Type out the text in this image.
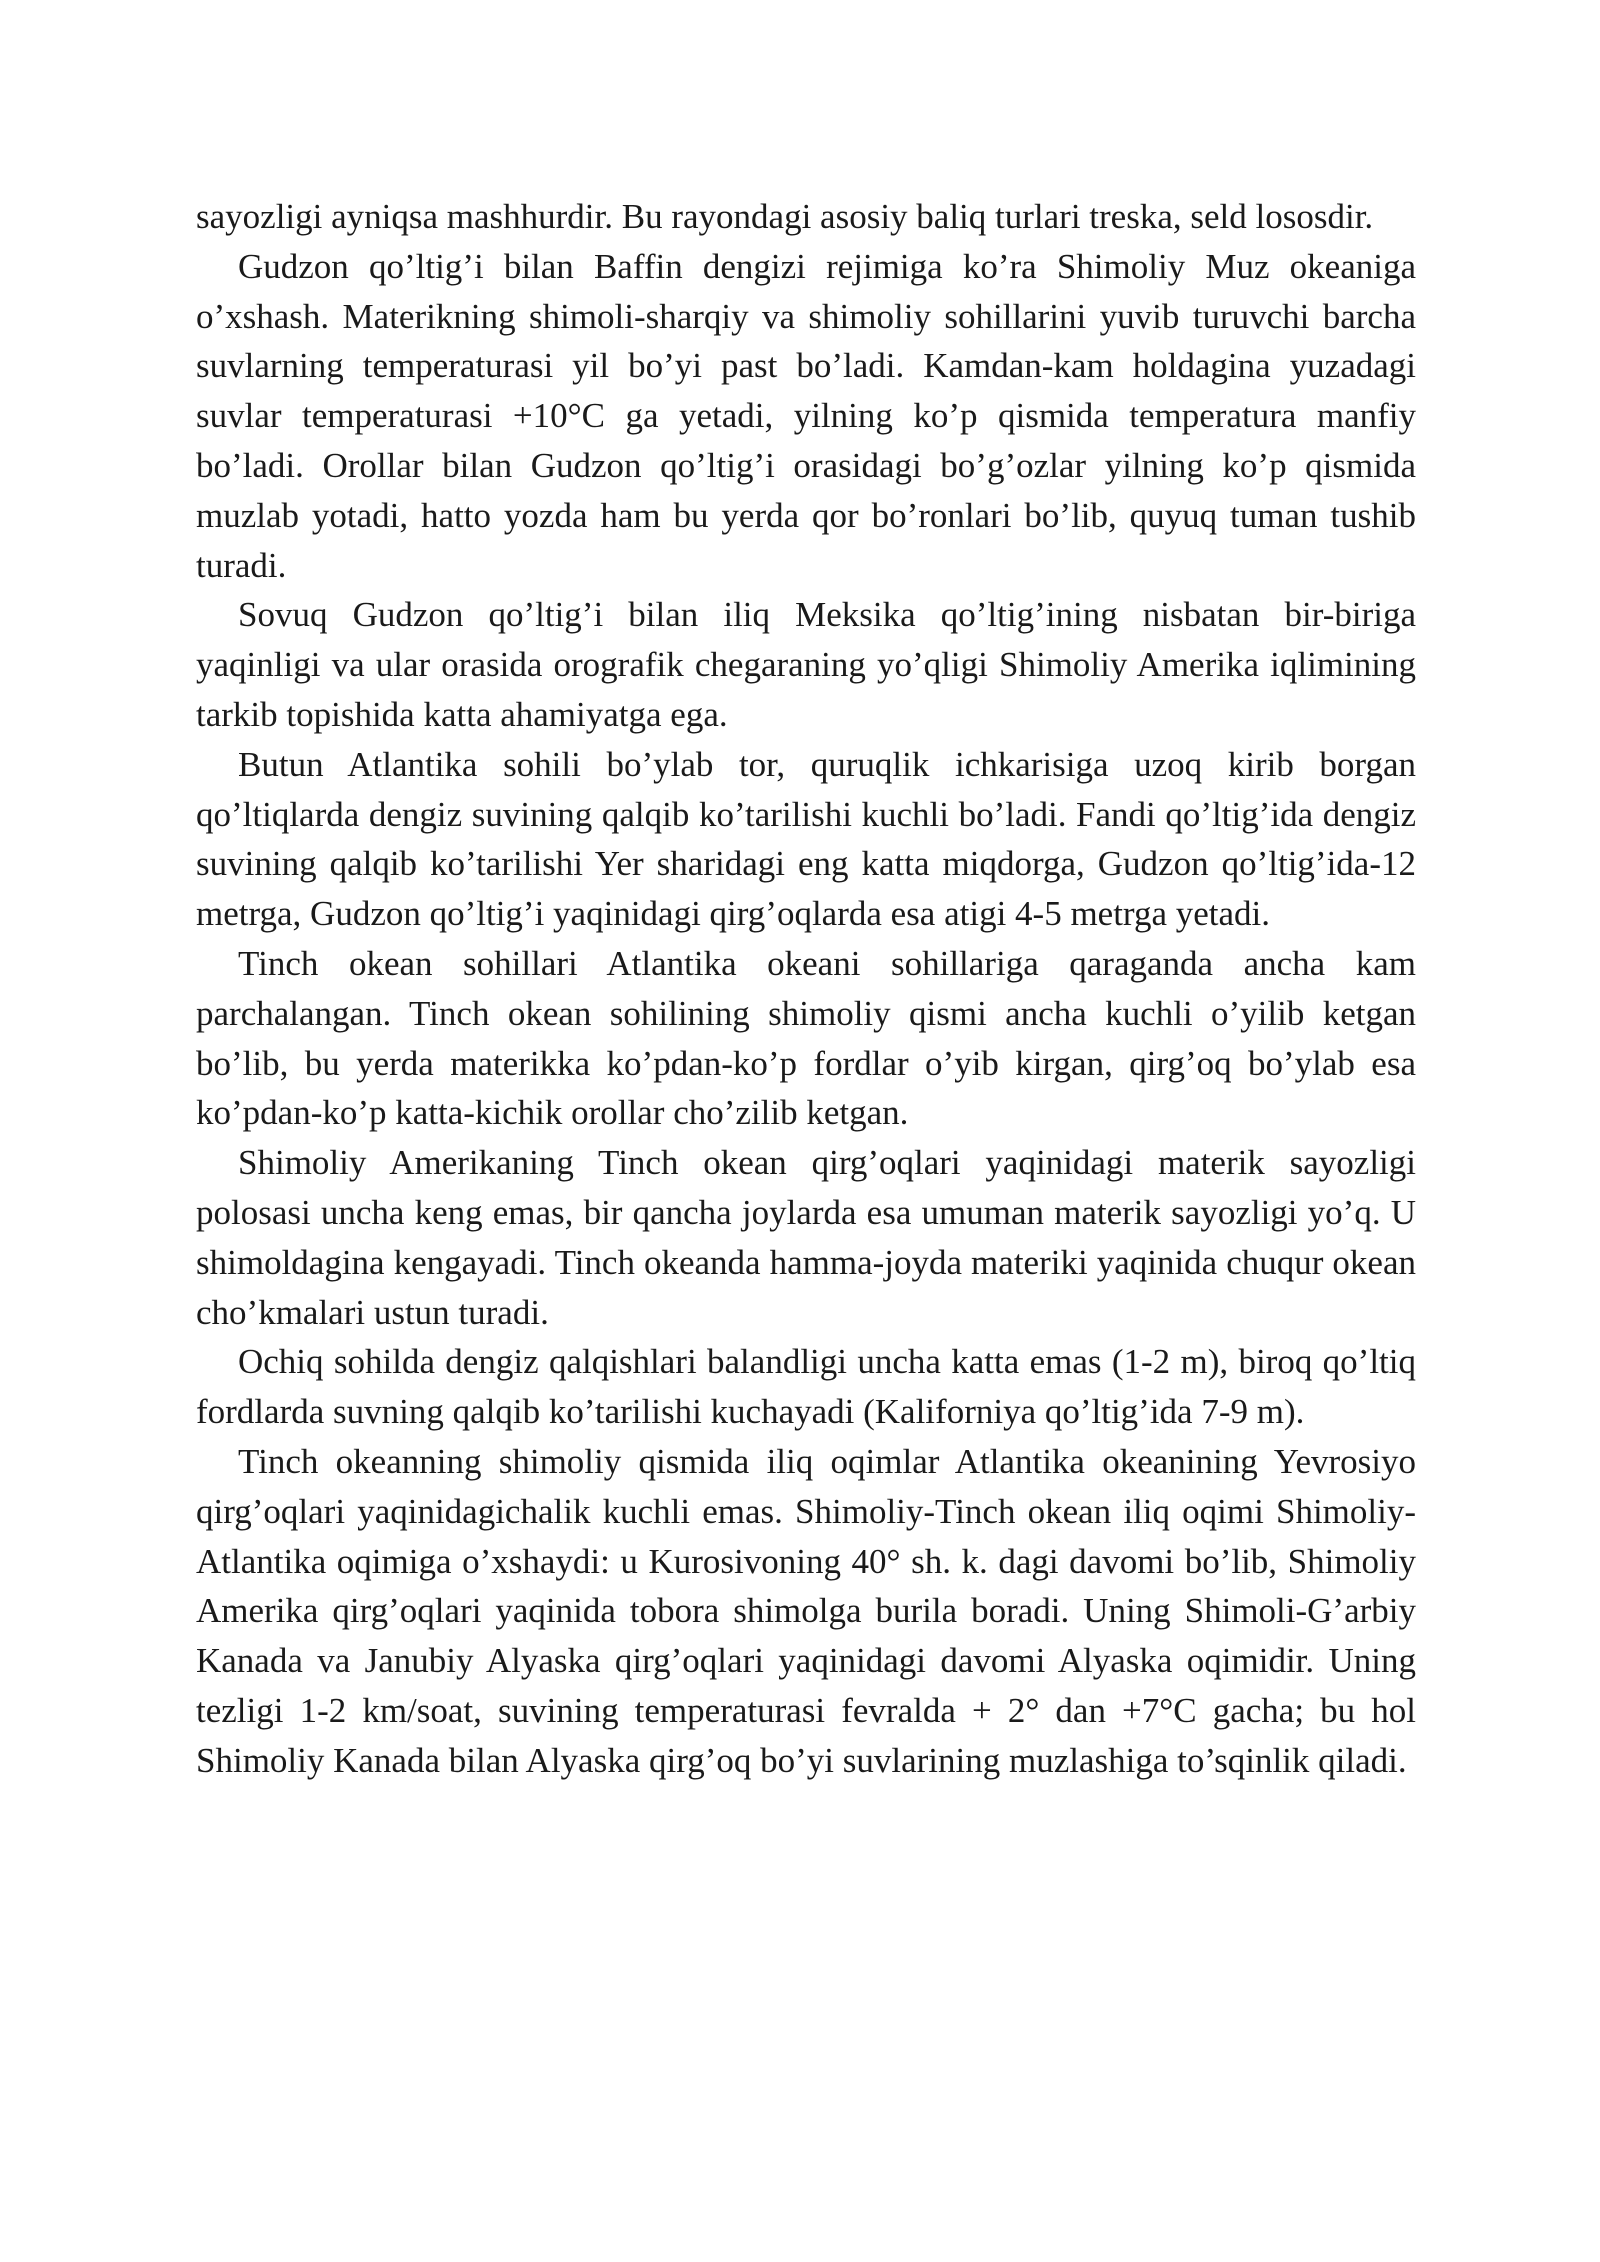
sayozligi ayniqsa mashhurdir. Bu rayondagi asosiy baliq turlari treska, seld lososdir.

Gudzon qo’ltig’i bilan Baffin dengizi rejimiga ko’ra Shimoliy Muz okeaniga o’xshash. Materikning shimoli-sharqiy va shimoliy sohillarini yuvib turuvchi barcha suvlarning temperaturasi yil bo’yi past bo’ladi. Kamdan-kam holdagina yuzadagi suvlar temperaturasi +10°C ga yetadi, yilning ko’p qismida temperatura manfiy bo’ladi. Orollar bilan Gudzon qo’ltig’i orasidagi bo’g’ozlar yilning ko’p qismida muzlab yotadi, hatto yozda ham bu yerda qor bo’ronlari bo’lib, quyuq tuman tushib turadi.

Sovuq Gudzon qo’ltig’i bilan iliq Meksika qo’ltig’ining nisbatan bir-biriga yaqinligi va ular orasida orografik chegaraning yo’qligi Shimoliy Amerika iqlimining tarkib topishida katta ahamiyatga ega.

Butun Atlantika sohili bo’ylab tor, quruqlik ichkarisiga uzoq kirib borgan qo’ltiqlarda dengiz suvining qalqib ko’tarilishi kuchli bo’ladi. Fandi qo’ltig’ida dengiz suvining qalqib ko’tarilishi Yer sharidagi eng katta miqdorga, Gudzon qo’ltig’ida-12 metrga, Gudzon qo’ltig’i yaqinidagi qirg’oqlarda esa atigi 4-5 metrga yetadi.

Tinch okean sohillari Atlantika okeani sohillariga qaraganda ancha kam parchalangan. Tinch okean sohilining shimoliy qismi ancha kuchli o’yilib ketgan bo’lib, bu yerda materikka ko’pdan-ko’p fordlar o’yib kirgan, qirg’oq bo’ylab esa ko’pdan-ko’p katta-kichik orollar cho’zilib ketgan.

Shimoliy Amerikaning Tinch okean qirg’oqlari yaqinidagi materik sayozligi polosasi uncha keng emas, bir qancha joylarda esa umuman materik sayozligi yo’q. U shimoldagina kengayadi. Tinch okeanda hamma-joyda materiki yaqinida chuqur okean cho’kmalari ustun turadi.

Ochiq sohilda dengiz qalqishlari balandligi uncha katta emas (1-2 m), biroq qo’ltiq fordlarda suvning qalqib ko’tarilishi kuchayadi (Kaliforniya qo’ltig’ida 7-9 m).

Tinch okeanning shimoliy qismida iliq oqimlar Atlantika okeanining Yevrosiyo qirg’oqlari yaqinidagichalik kuchli emas. Shimoliy-Tinch okean iliq oqimi Shimoliy-Atlantika oqimiga o’xshaydi: u Kurosivoning 40° sh. k. dagi davomi bo’lib, Shimoliy Amerika qirg’oqlari yaqinida tobora shimolga burila boradi. Uning Shimoli-G’arbiy Kanada va Janubiy Alyaska qirg’oqlari yaqinidagi davomi Alyaska oqimidir. Uning tezligi 1-2 km/soat, suvining temperaturasi fevralda + 2° dan +7°C gacha; bu hol Shimoliy Kanada bilan Alyaska qirg’oq bo’yi suvlarining muzlashiga to’sqinlik qiladi.
